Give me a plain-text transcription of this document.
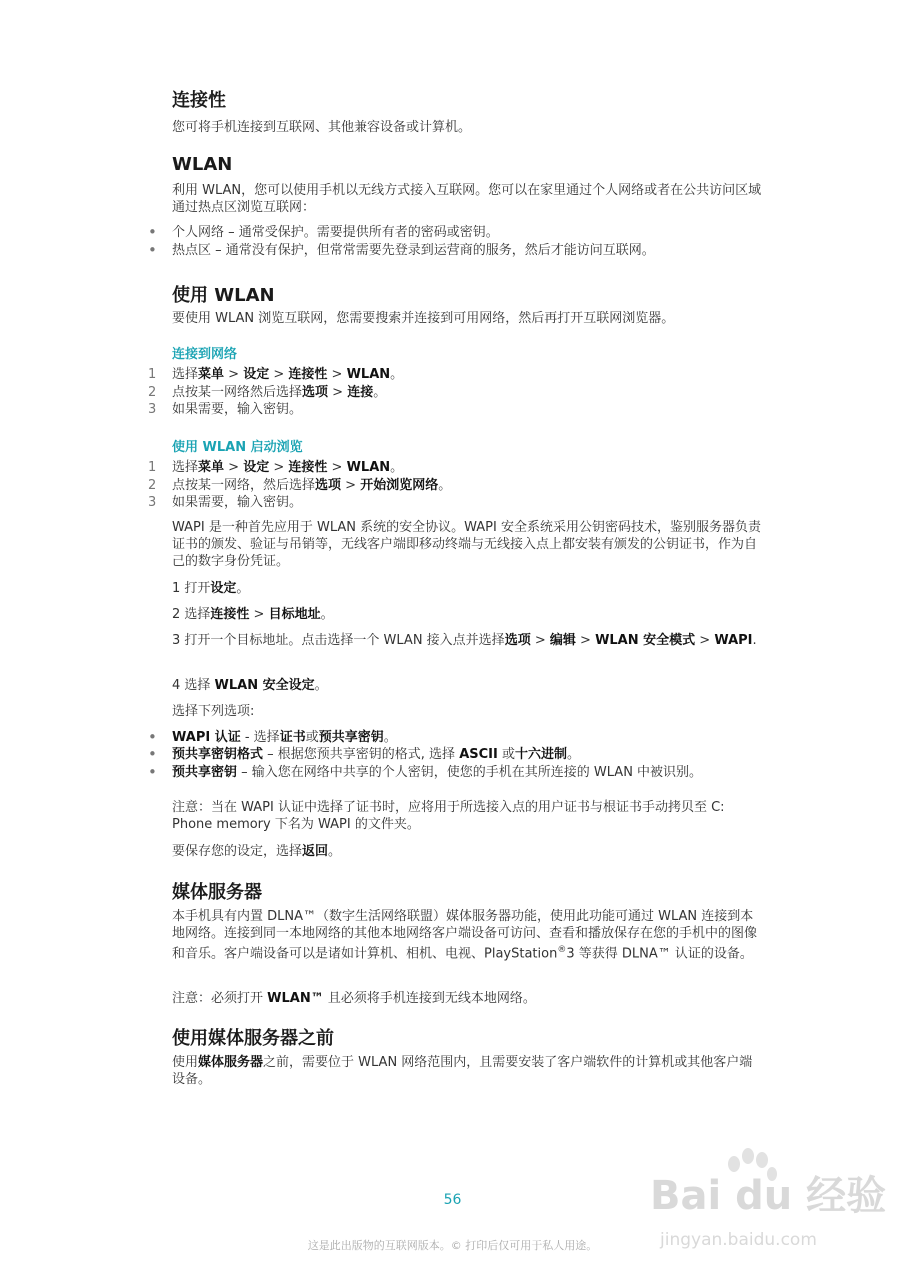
连接性
您可将手机连接到互联网、其他兼容设备或计算机。
WLAN
利用 WLAN，您可以使用手机以无线方式接入互联网。您可以在家里通过个人网络或者在公共访问区域通过热点区浏览互联网：
• 个人网络 – 通常受保护。需要提供所有者的密码或密钥。
• 热点区 – 通常没有保护，但常常需要先登录到运营商的服务，然后才能访问互联网。
使用 WLAN
要使用 WLAN 浏览互联网，您需要搜索并连接到可用网络，然后再打开互联网浏览器。
连接到网络
1 选择菜单 > 设定 > 连接性 > WLAN。
2 点按某一网络然后选择选项 > 连接。
3 如果需要，输入密钥。
使用 WLAN 启动浏览
1 选择菜单 > 设定 > 连接性 > WLAN。
2 点按某一网络，然后选择选项 > 开始浏览网络。
3 如果需要，输入密钥。
WAPI 是一种首先应用于 WLAN 系统的安全协议。WAPI 安全系统采用公钥密码技术，鉴别服务器负责证书的颁发、验证与吊销等，无线客户端即移动终端与无线接入点上都安装有颁发的公钥证书，作为自己的数字身份凭证。
1 打开设定。
2 选择连接性 > 目标地址。
3 打开一个目标地址。点击选择一个 WLAN 接入点并选择选项 > 编辑 > WLAN 安全模式 > WAPI.
4 选择 WLAN 安全设定。
选择下列选项:
• WAPI 认证 - 选择证书或预共享密钥。
• 预共享密钥格式 – 根据您预共享密钥的格式, 选择 ASCII 或十六进制。
• 预共享密钥 – 输入您在网络中共享的个人密钥，使您的手机在其所连接的 WLAN 中被识别。
注意：当在 WAPI 认证中选择了证书时，应将用于所选接入点的用户证书与根证书手动拷贝至 C: Phone memory 下名为 WAPI 的文件夹。
要保存您的设定，选择返回。
媒体服务器
本手机具有内置 DLNA™（数字生活网络联盟）媒体服务器功能，使用此功能可通过 WLAN 连接到本地网络。连接到同一本地网络的其他本地网络客户端设备可访问、查看和播放保存在您的手机中的图像和音乐。客户端设备可以是诸如计算机、相机、电视、PlayStation®3 等获得 DLNA™ 认证的设备。
注意：必须打开 WLAN™ 且必须将手机连接到无线本地网络。
使用媒体服务器之前
使用媒体服务器之前，需要位于 WLAN 网络范围内，且需要安装了客户端软件的计算机或其他客户端设备。
56
这是此出版物的互联网版本。© 打印后仅可用于私人用途。
Bai du 经验
jingyan.baidu.com
